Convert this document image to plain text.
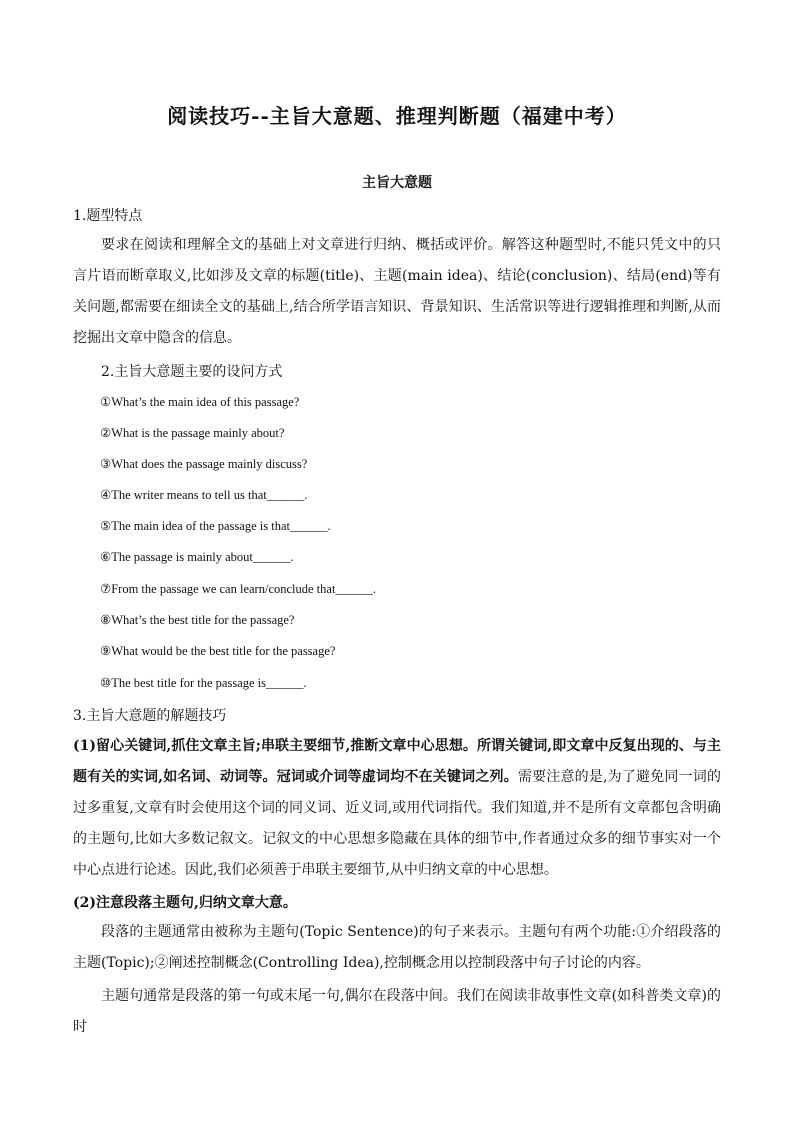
阅读技巧--主旨大意题、推理判断题（福建中考）
主旨大意题

1.题型特点

要求在阅读和理解全文的基础上对文章进行归纳、概括或评价。解答这种题型时,不能只凭文中的只言片语而断章取义,比如涉及文章的标题(title)、主题(main idea)、结论(conclusion)、结局(end)等有关问题,都需要在细读全文的基础上,结合所学语言知识、背景知识、生活常识等进行逻辑推理和判断,从而挖掘出文章中隐含的信息。

2.主旨大意题主要的设问方式

①What’s the main idea of this passage?

②What is the passage mainly about?

③What does the passage mainly discuss?

④The writer means to tell us that______.

⑤The main idea of the passage is that______.

⑥The passage is mainly about______.

⑦From the passage we can learn/conclude that______.

⑧What’s the best title for the passage?

⑨What would be the best title for the passage?

⑩The best title for the passage is______.

3.主旨大意题的解题技巧

(1)留心关键词,抓住文章主旨;串联主要细节,推断文章中心思想。所谓关键词,即文章中反复出现的、与主题有关的实词,如名词、动词等。冠词或介词等虚词均不在关键词之列。需要注意的是,为了避免同一词的过多重复,文章有时会使用这个词的同义词、近义词,或用代词指代。我们知道,并不是所有文章都包含明确的主题句,比如大多数记叙文。记叙文的中心思想多隐藏在具体的细节中,作者通过众多的细节事实对一个中心点进行论述。因此,我们必须善于串联主要细节,从中归纳文章的中心思想。

(2)注意段落主题句,归纳文章大意。

段落的主题通常由被称为主题句(Topic Sentence)的句子来表示。主题句有两个功能:①介绍段落的主题(Topic);②阐述控制概念(Controlling Idea),控制概念用以控制段落中句子讨论的内容。

主题句通常是段落的第一句或末尾一句,偶尔在段落中间。我们在阅读非故事性文章(如科普类文章)的时
